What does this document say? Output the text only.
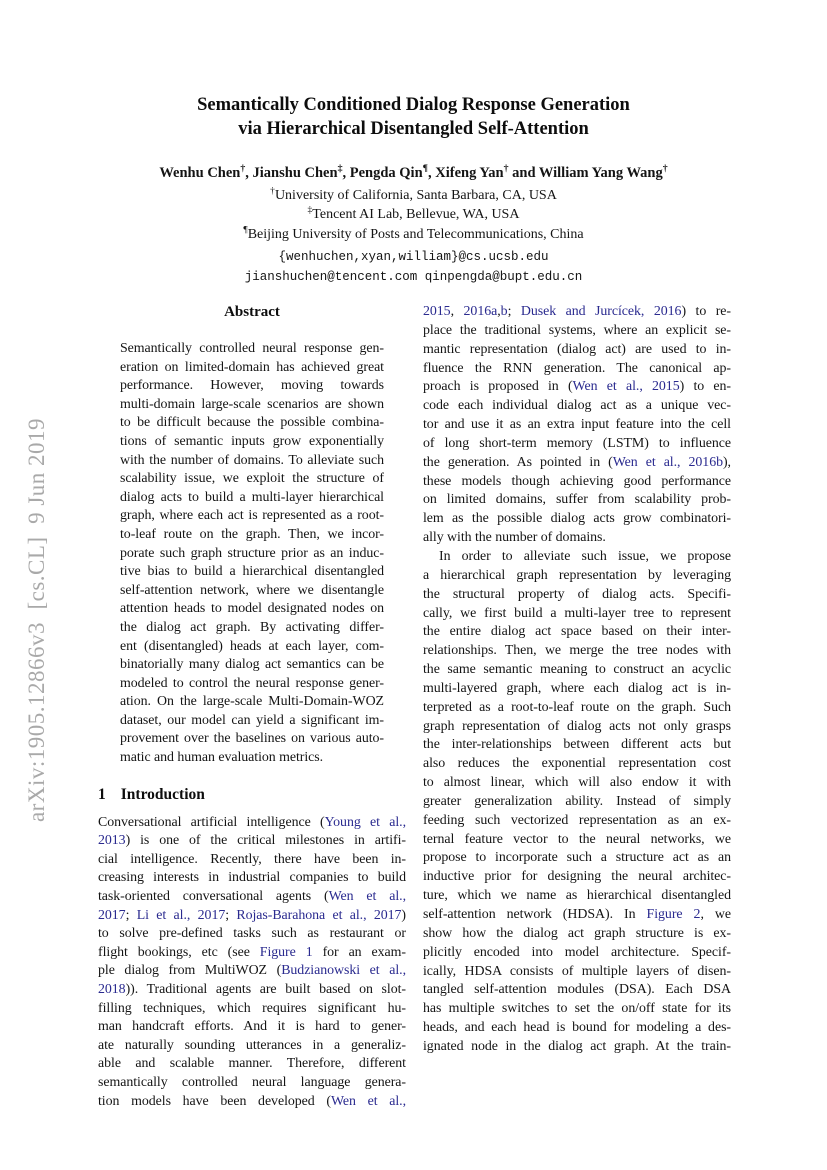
arXiv:1905.12866v3  [cs.CL]  9 Jun 2019
Semantically Conditioned Dialog Response Generation
via Hierarchical Disentangled Self-Attention
Wenhu Chen†, Jianshu Chen‡, Pengda Qin¶, Xifeng Yan† and William Yang Wang†
†University of California, Santa Barbara, CA, USA
‡Tencent AI Lab, Bellevue, WA, USA
¶Beijing University of Posts and Telecommunications, China
{wenhuchen,xyan,william}@cs.ucsb.edu
jianshuchen@tencent.com qinpengda@bupt.edu.cn
Abstract
Semantically controlled neural response gen-
eration on limited-domain has achieved great
performance. However, moving towards
multi-domain large-scale scenarios are shown
to be difficult because the possible combina-
tions of semantic inputs grow exponentially
with the number of domains. To alleviate such
scalability issue, we exploit the structure of
dialog acts to build a multi-layer hierarchical
graph, where each act is represented as a root-
to-leaf route on the graph. Then, we incor-
porate such graph structure prior as an induc-
tive bias to build a hierarchical disentangled
self-attention network, where we disentangle
attention heads to model designated nodes on
the dialog act graph. By activating differ-
ent (disentangled) heads at each layer, com-
binatorially many dialog act semantics can be
modeled to control the neural response gener-
ation. On the large-scale Multi-Domain-WOZ
dataset, our model can yield a significant im-
provement over the baselines on various auto-
matic and human evaluation metrics.
1 Introduction
Conversational artificial intelligence (Young et al.,
2013) is one of the critical milestones in artifi-
cial intelligence. Recently, there have been in-
creasing interests in industrial companies to build
task-oriented conversational agents (Wen et al.,
2017; Li et al., 2017; Rojas-Barahona et al., 2017)
to solve pre-defined tasks such as restaurant or
flight bookings, etc (see Figure 1 for an exam-
ple dialog from MultiWOZ (Budzianowski et al.,
2018)). Traditional agents are built based on slot-
filling techniques, which requires significant hu-
man handcraft efforts. And it is hard to gener-
ate naturally sounding utterances in a generaliz-
able and scalable manner. Therefore, different
semantically controlled neural language genera-
tion models have been developed (Wen et al.,
2015, 2016a,b; Dusek and Jurcícek, 2016) to re-
place the traditional systems, where an explicit se-
mantic representation (dialog act) are used to in-
fluence the RNN generation. The canonical ap-
proach is proposed in (Wen et al., 2015) to en-
code each individual dialog act as a unique vec-
tor and use it as an extra input feature into the cell
of long short-term memory (LSTM) to influence
the generation. As pointed in (Wen et al., 2016b),
these models though achieving good performance
on limited domains, suffer from scalability prob-
lem as the possible dialog acts grow combinatori-
ally with the number of domains.
In order to alleviate such issue, we propose
a hierarchical graph representation by leveraging
the structural property of dialog acts. Specifi-
cally, we first build a multi-layer tree to represent
the entire dialog act space based on their inter-
relationships. Then, we merge the tree nodes with
the same semantic meaning to construct an acyclic
multi-layered graph, where each dialog act is in-
terpreted as a root-to-leaf route on the graph. Such
graph representation of dialog acts not only grasps
the inter-relationships between different acts but
also reduces the exponential representation cost
to almost linear, which will also endow it with
greater generalization ability. Instead of simply
feeding such vectorized representation as an ex-
ternal feature vector to the neural networks, we
propose to incorporate such a structure act as an
inductive prior for designing the neural architec-
ture, which we name as hierarchical disentangled
self-attention network (HDSA). In Figure 2, we
show how the dialog act graph structure is ex-
plicitly encoded into model architecture. Specif-
ically, HDSA consists of multiple layers of disen-
tangled self-attention modules (DSA). Each DSA
has multiple switches to set the on/off state for its
heads, and each head is bound for modeling a des-
ignated node in the dialog act graph. At the train-
